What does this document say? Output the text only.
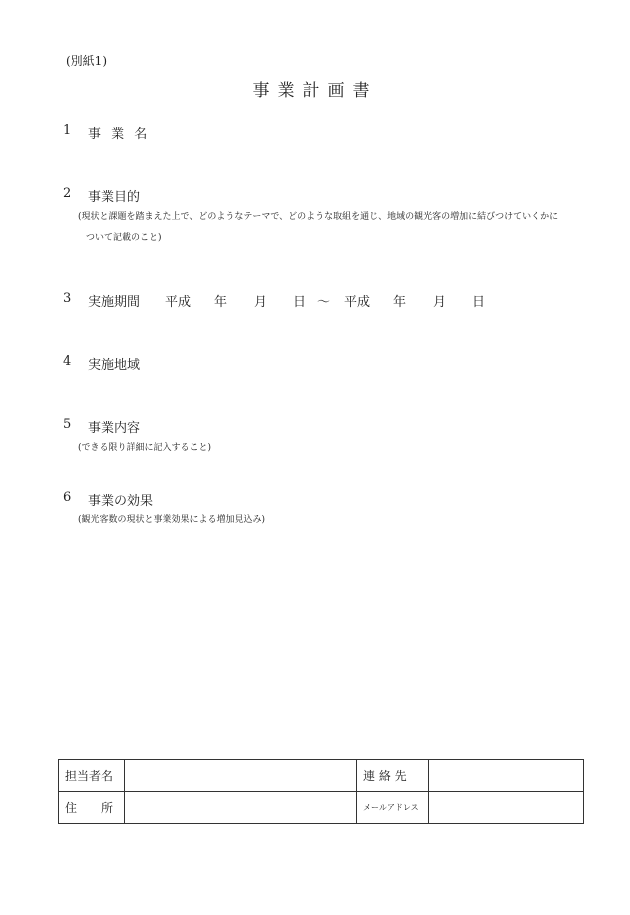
(別紙1)
事業計画書
1 事 業 名
2 事業目的
(現状と課題を踏まえた上で、どのようなテーマで、どのような取組を通じ、地域の観光客の増加に結びつけていくかに
ついて記載のこと)
3 実施期間 平成 年 月 日 〜 平成 年 月 日
4 実施地域
5 事業内容
(できる限り詳細に記入すること)
6 事業の効果
(観光客数の現状と事業効果による増加見込み)
担当者名		連 絡 先	
住　　所		メールアドレス	
